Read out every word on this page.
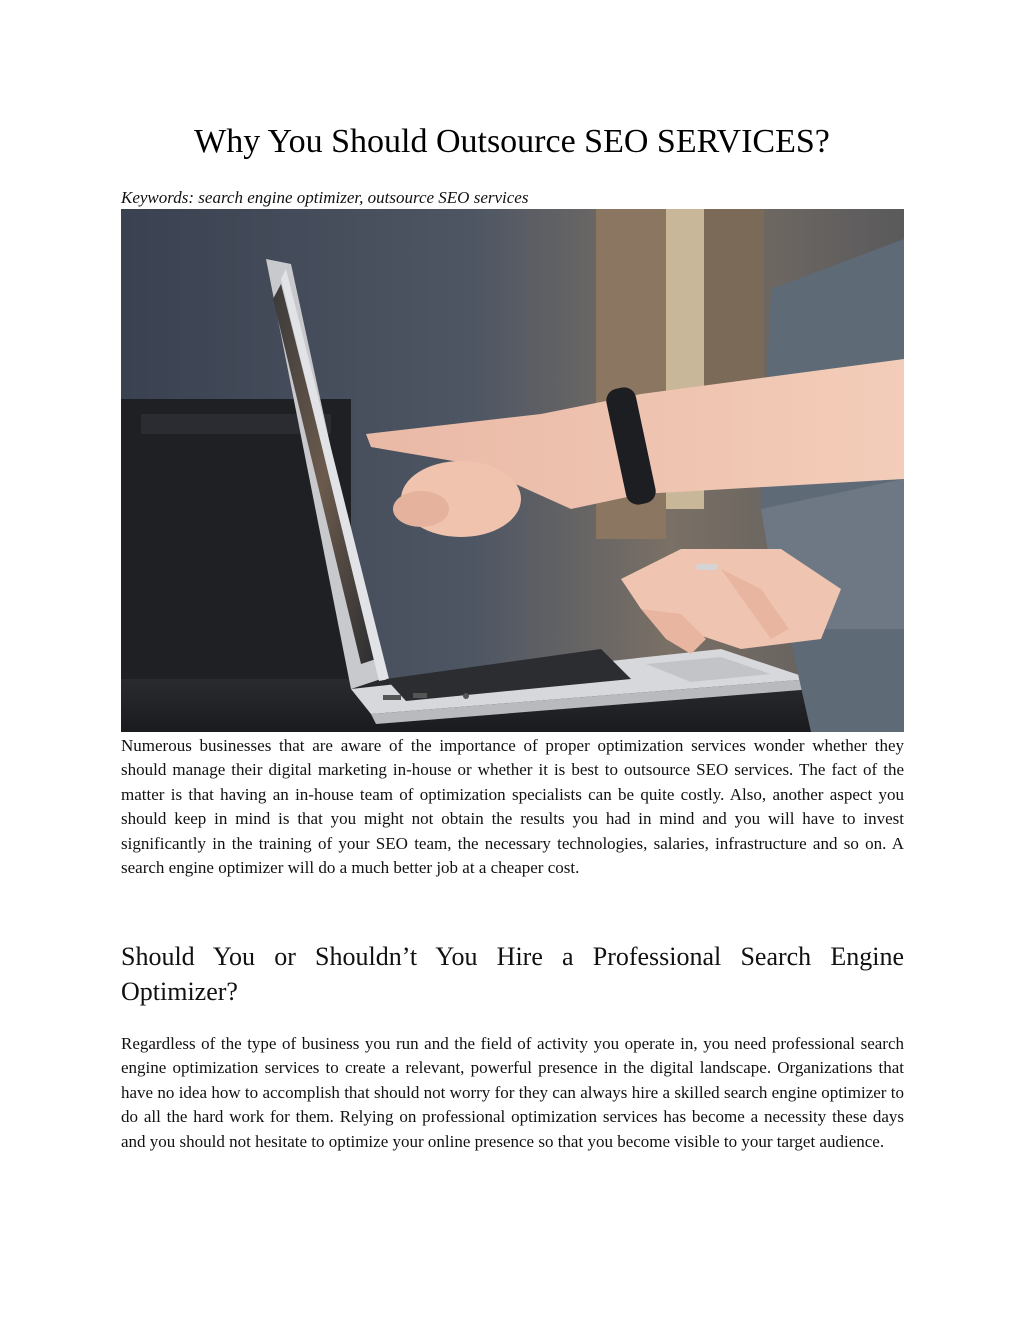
Why You Should Outsource SEO SERVICES?

Keywords: search engine optimizer, outsource SEO services

Numerous businesses that are aware of the importance of proper optimization services wonder whether they should manage their digital marketing in-house or whether it is best to outsource SEO services. The fact of the matter is that having an in-house team of optimization specialists can be quite costly. Also, another aspect you should keep in mind is that you might not obtain the results you had in mind and you will have to invest significantly in the training of your SEO team, the necessary technologies, salaries, infrastructure and so on. A search engine optimizer will do a much better job at a cheaper cost.

Should You or Shouldn’t You Hire a Professional Search Engine Optimizer?

Regardless of the type of business you run and the field of activity you operate in, you need professional search engine optimization services to create a relevant, powerful presence in the digital landscape. Organizations that have no idea how to accomplish that should not worry for they can always hire a skilled search engine optimizer to do all the hard work for them. Relying on professional optimization services has become a necessity these days and you should not hesitate to optimize your online presence so that you become visible to your target audience.
